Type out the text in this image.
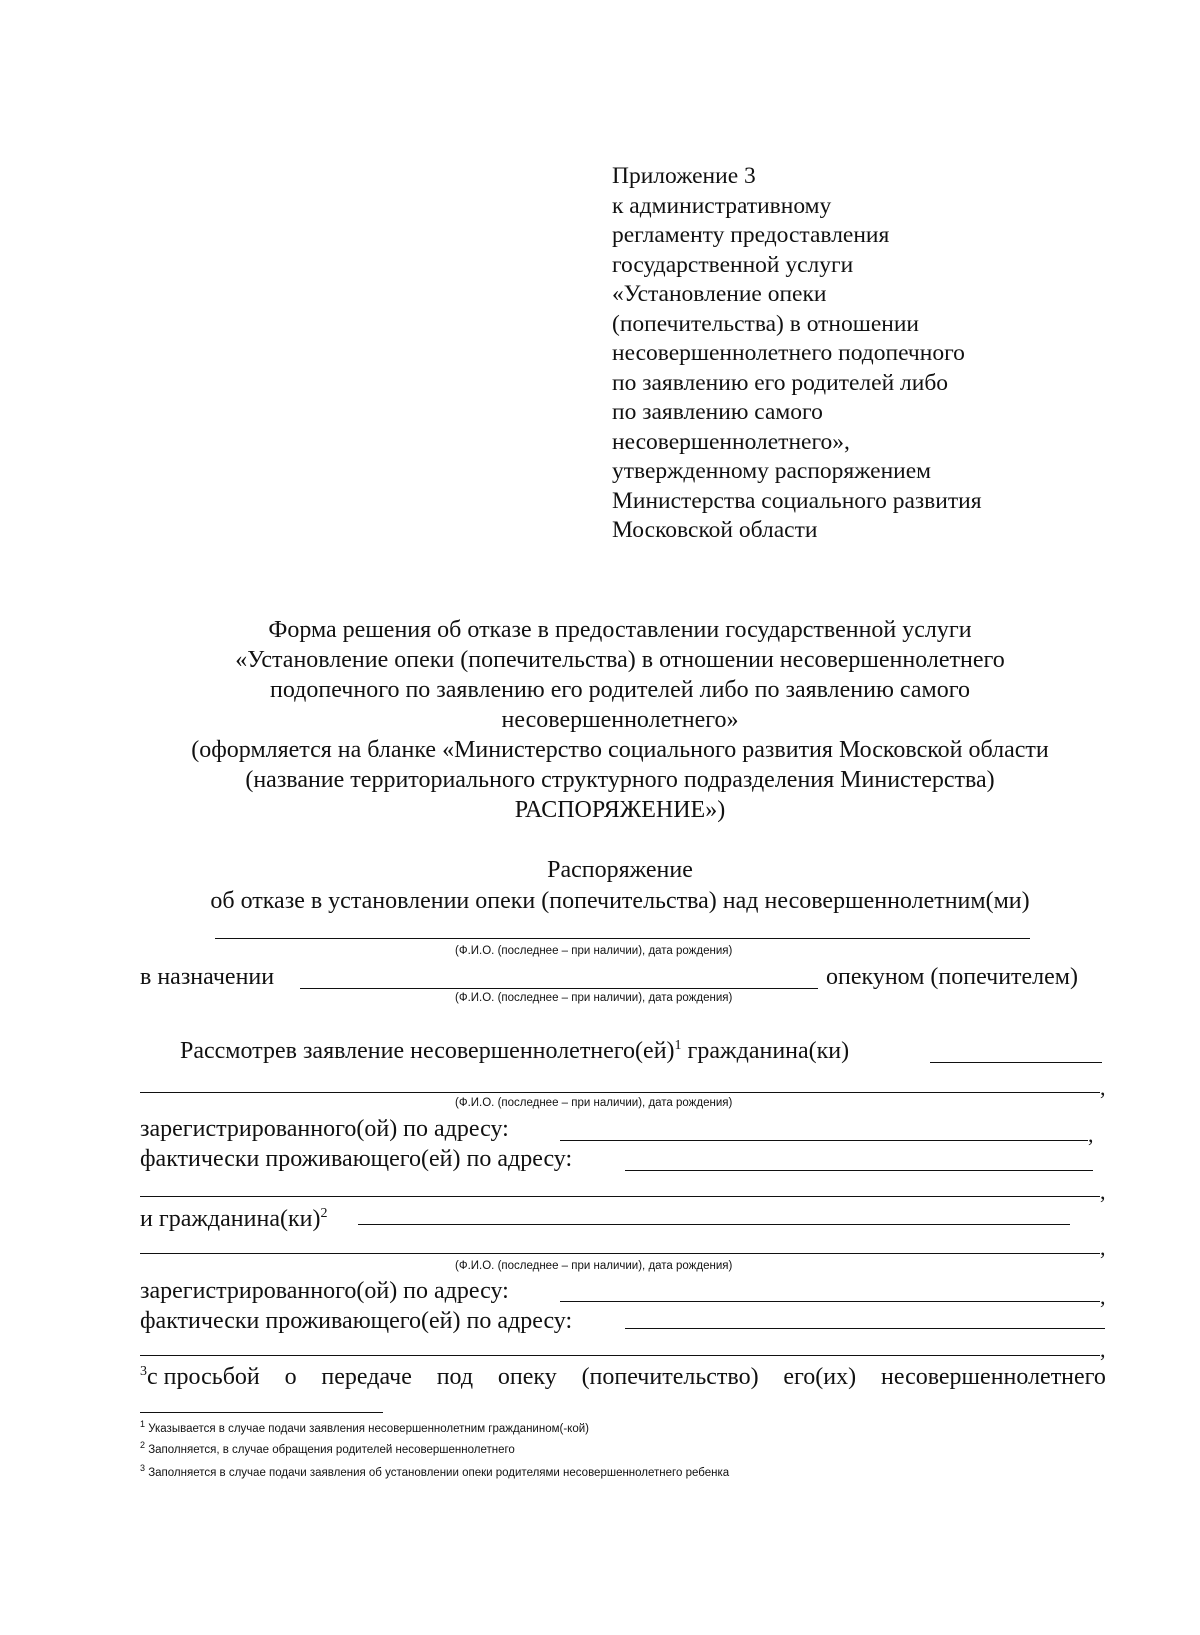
Приложение 3
к административному
регламенту предоставления
государственной услуги
«Установление опеки
(попечительства) в отношении
несовершеннолетнего подопечного
по заявлению его родителей либо
по заявлению самого
несовершеннолетнего»,
утвержденному распоряжением
Министерства социального развития
Московской области
Форма решения об отказе в предоставлении государственной услуги
«Установление опеки (попечительства) в отношении несовершеннолетнего
подопечного по заявлению его родителей либо по заявлению самого
несовершеннолетнего»
(оформляется на бланке «Министерство социального развития Московской области
(название территориального структурного подразделения Министерства)
РАСПОРЯЖЕНИЕ»)
Распоряжение
об отказе в установлении опеки (попечительства) над несовершеннолетним(ми)
(Ф.И.О. (последнее – при наличии), дата рождения)
в назначении	опекуном (попечителем)
(Ф.И.О. (последнее – при наличии), дата рождения)
Рассмотрев заявление несовершеннолетнего(ей)$^1$ гражданина(ки)
,
(Ф.И.О. (последнее – при наличии), дата рождения)
зарегистрированного(ой) по адресу:	,
фактически проживающего(ей) по адресу:
,
и гражданина(ки)$^2$
,
(Ф.И.О. (последнее – при наличии), дата рождения)
зарегистрированного(ой) по адресу:	,
фактически проживающего(ей) по адресу:
,
$^3$с просьбой о передаче под опеку (попечительство) его(их) несовершеннолетнего
$^1$ Указывается в случае подачи заявления несовершеннолетним гражданином(-кой)
$^2$ Заполняется, в случае обращения родителей несовершеннолетнего
$^3$ Заполняется в случае подачи заявления об установлении опеки родителями несовершеннолетнего ребенка
